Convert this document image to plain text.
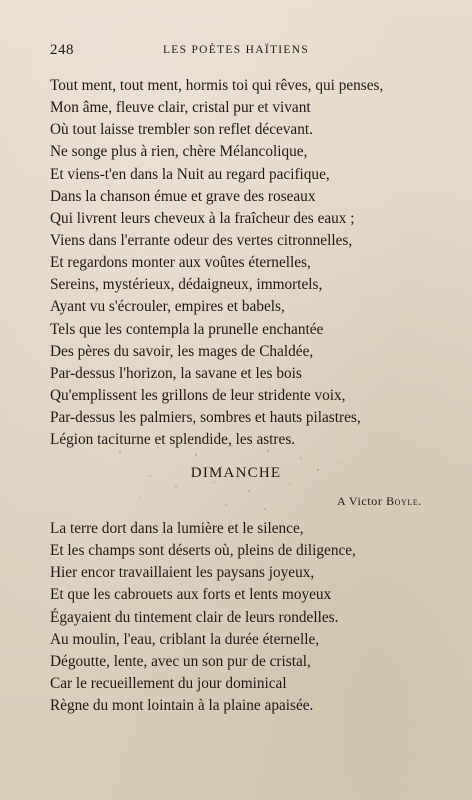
248	LES POÈTES HAÏTIENS
Tout ment, tout ment, hormis toi qui rêves, qui penses,
Mon âme, fleuve clair, cristal pur et vivant
Où tout laisse trembler son reflet décevant.
Ne songe plus à rien, chère Mélancolique,
Et viens-t'en dans la Nuit au regard pacifique,
Dans la chanson émue et grave des roseaux
Qui livrent leurs cheveux à la fraîcheur des eaux ;
Viens dans l'errante odeur des vertes citronnelles,
Et regardons monter aux voûtes éternelles,
Sereins, mystérieux, dédaigneux, immortels,
Ayant vu s'écrouler, empires et babels,
Tels que les contempla la prunelle enchantée
Des pères du savoir, les mages de Chaldée,
Par-dessus l'horizon, la savane et les bois
Qu'emplissent les grillons de leur stridente voix,
Par-dessus les palmiers, sombres et hauts pilastres,
Légion taciturne et splendide, les astres.
DIMANCHE
A Victor Boyle.
La terre dort dans la lumière et le silence,
Et les champs sont déserts où, pleins de diligence,
Hier encor travaillaient les paysans joyeux,
Et que les cabrouets aux forts et lents moyeux
Égayaient du tintement clair de leurs rondelles.
Au moulin, l'eau, criblant la durée éternelle,
Dégoutte, lente, avec un son pur de cristal,
Car le recueillement du jour dominical
Règne du mont lointain à la plaine apaisée.
